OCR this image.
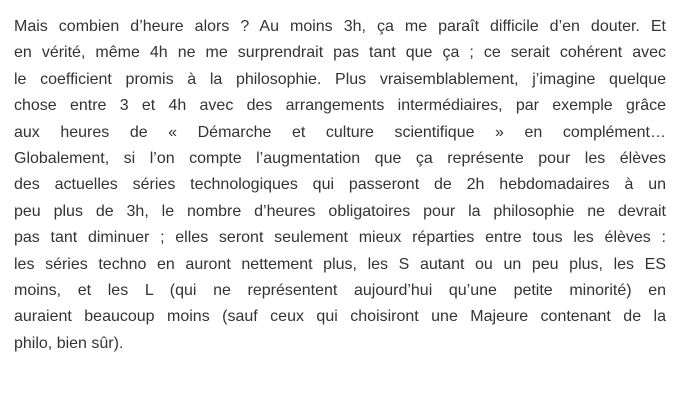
Mais combien d’heure alors ? Au moins 3h, ça me paraît difficile d’en douter. Et
en vérité, même 4h ne me surprendrait pas tant que ça ; ce serait cohérent avec
le coefficient promis à la philosophie. Plus vraisemblablement, j’imagine quelque
chose entre 3 et 4h avec des arrangements intermédiaires, par exemple grâce
aux heures de « Démarche et culture scientifique » en complément…
Globalement, si l’on compte l’augmentation que ça représente pour les élèves
des actuelles séries technologiques qui passeront de 2h hebdomadaires à un
peu plus de 3h, le nombre d’heures obligatoires pour la philosophie ne devrait
pas tant diminuer ; elles seront seulement mieux réparties entre tous les élèves :
les séries techno en auront nettement plus, les S autant ou un peu plus, les ES
moins, et les L (qui ne représentent aujourd’hui qu’une petite minorité) en
auraient beaucoup moins (sauf ceux qui choisiront une Majeure contenant de la
philo, bien sûr).
